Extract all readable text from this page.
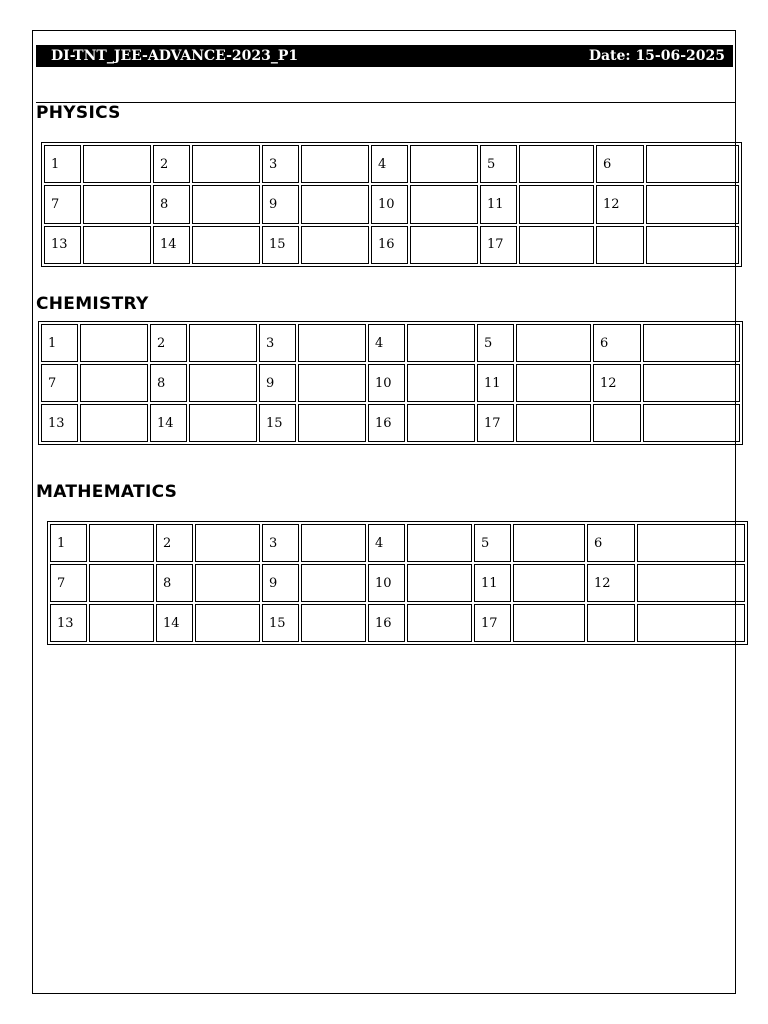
DI-TNT_JEE-ADVANCE-2023_P1	Date: 15-06-2025
PHYSICS
1		2		3		4		5		6	
7		8		9		10		11		12	
13		14		15		16		17			
CHEMISTRY
1		2		3		4		5		6	
7		8		9		10		11		12	
13		14		15		16		17			
MATHEMATICS
1		2		3		4		5		6	
7		8		9		10		11		12	
13		14		15		16		17			
